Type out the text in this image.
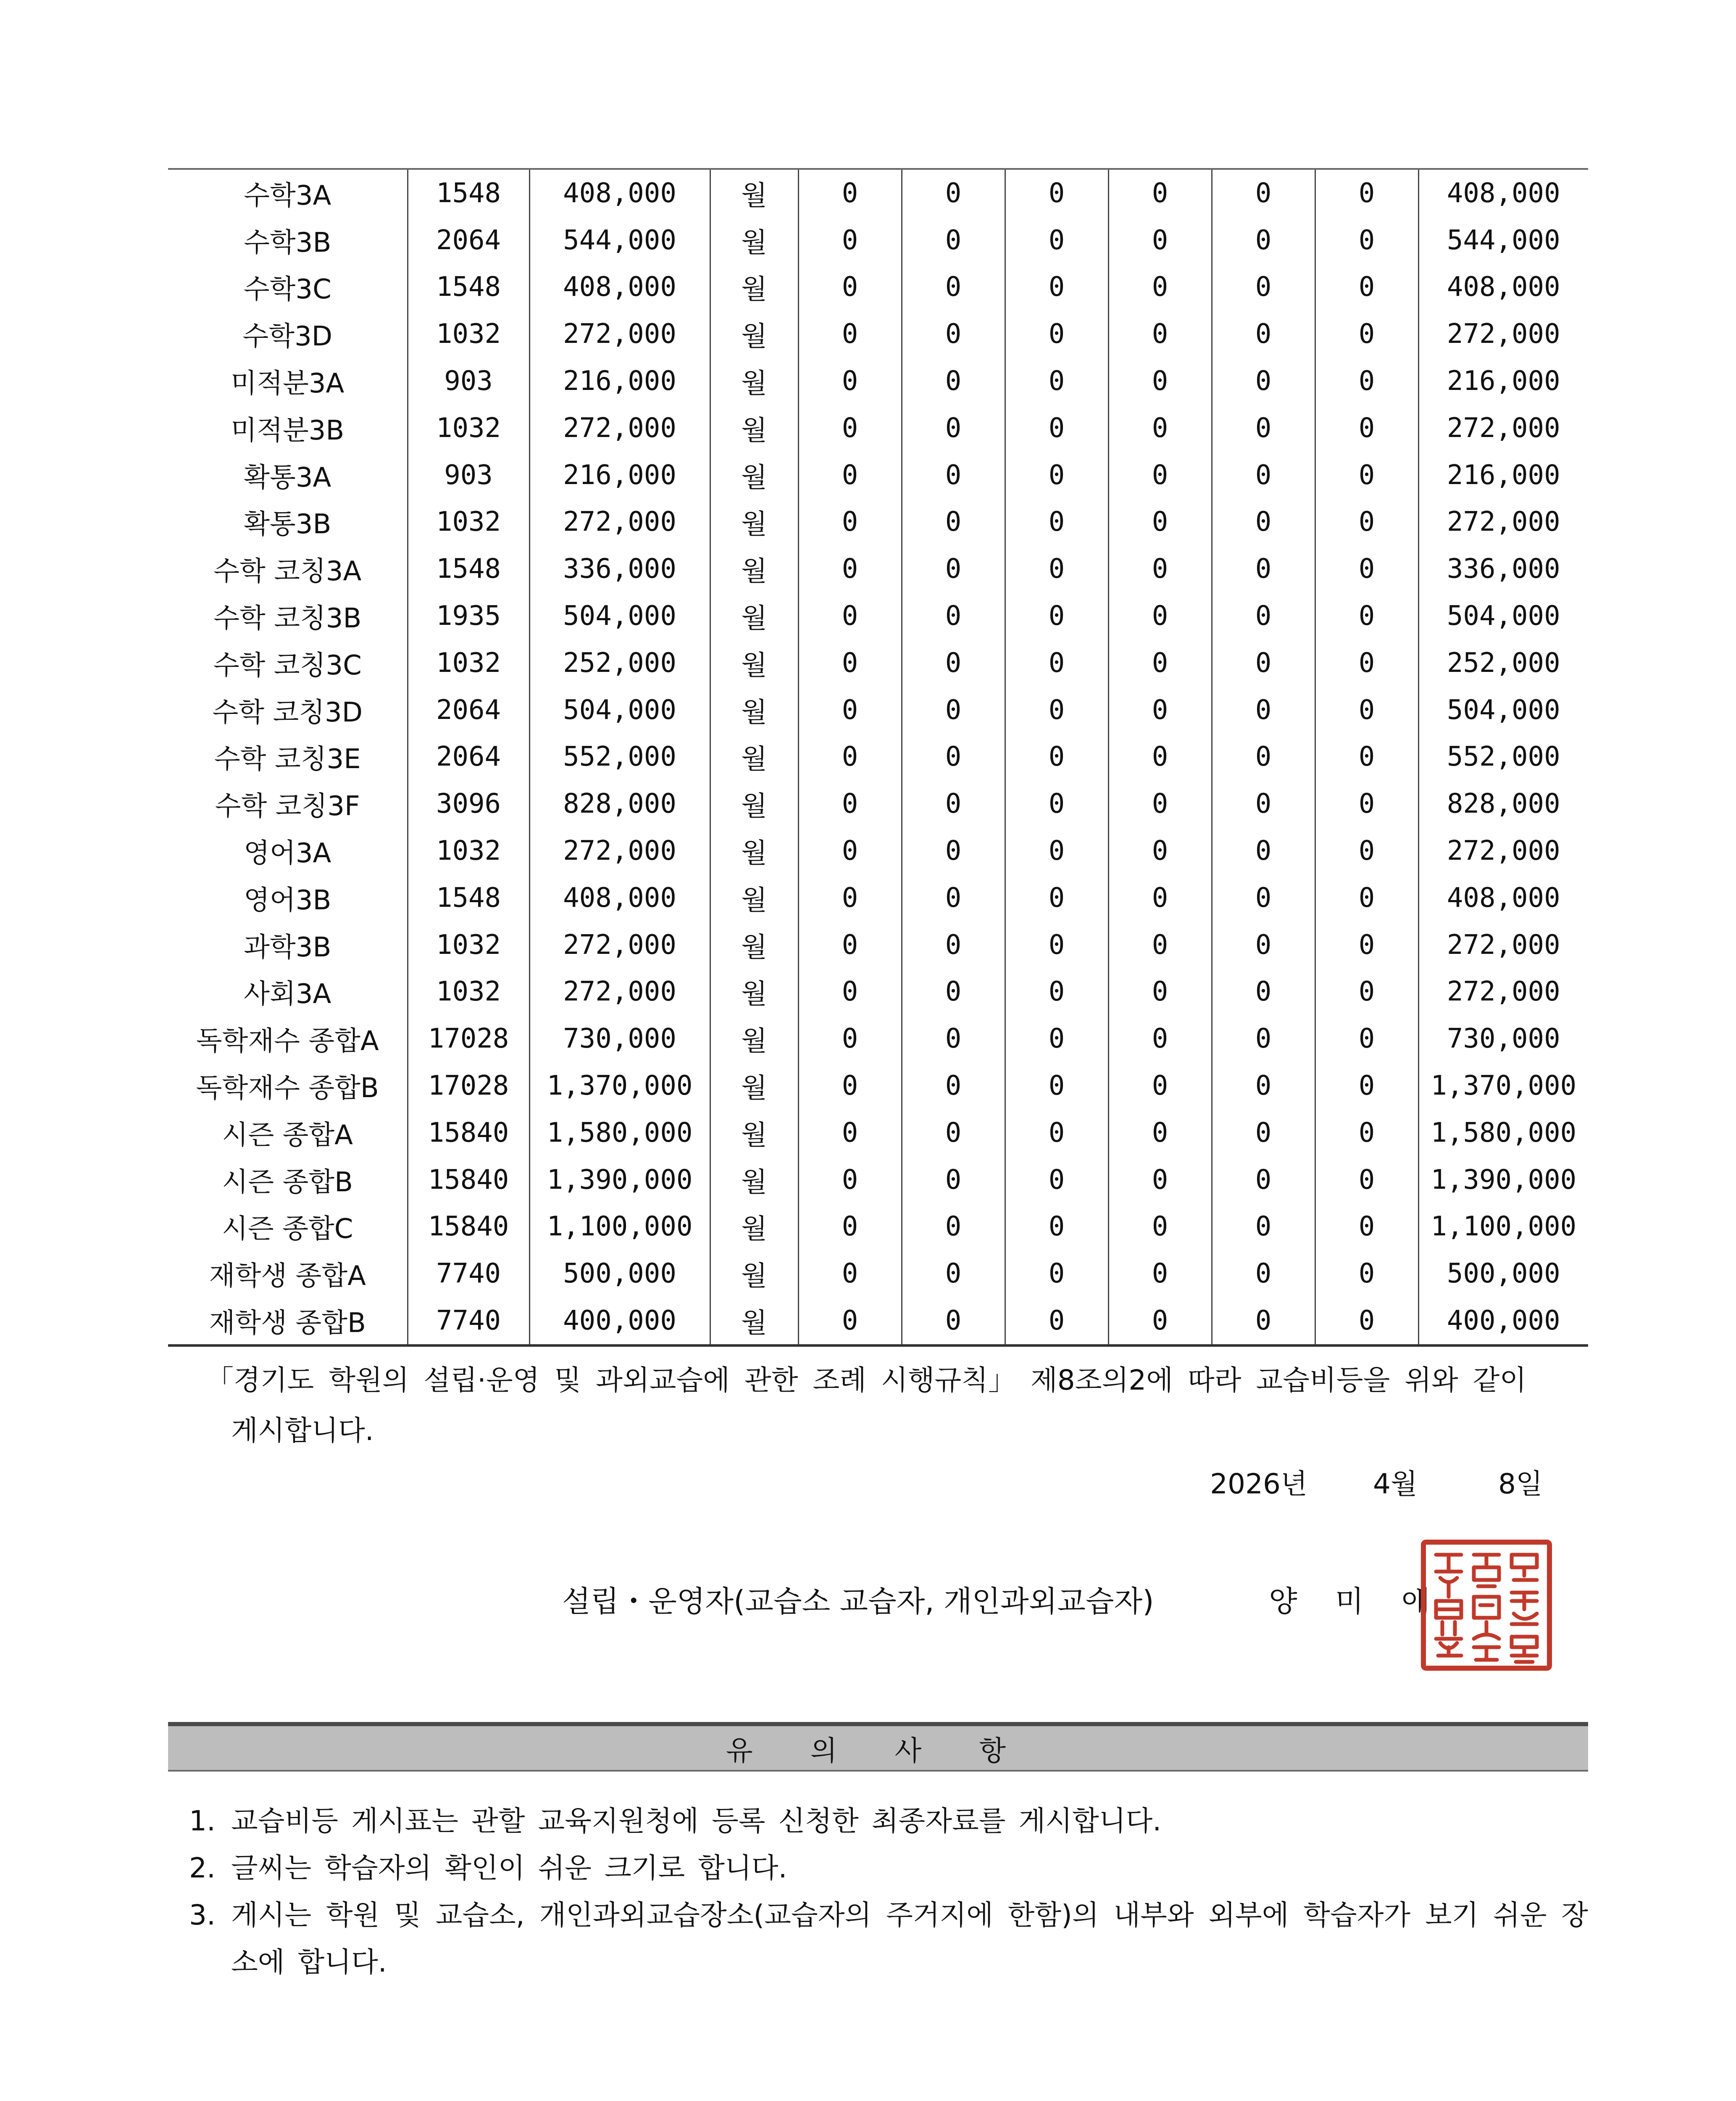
수학3A	1548	408,000	월	0	0	0	0	0	0	408,000
수학3B	2064	544,000	월	0	0	0	0	0	0	544,000
수학3C	1548	408,000	월	0	0	0	0	0	0	408,000
수학3D	1032	272,000	월	0	0	0	0	0	0	272,000
미적분3A	903	216,000	월	0	0	0	0	0	0	216,000
미적분3B	1032	272,000	월	0	0	0	0	0	0	272,000
확통3A	903	216,000	월	0	0	0	0	0	0	216,000
확통3B	1032	272,000	월	0	0	0	0	0	0	272,000
수학 코칭3A	1548	336,000	월	0	0	0	0	0	0	336,000
수학 코칭3B	1935	504,000	월	0	0	0	0	0	0	504,000
수학 코칭3C	1032	252,000	월	0	0	0	0	0	0	252,000
수학 코칭3D	2064	504,000	월	0	0	0	0	0	0	504,000
수학 코칭3E	2064	552,000	월	0	0	0	0	0	0	552,000
수학 코칭3F	3096	828,000	월	0	0	0	0	0	0	828,000
영어3A	1032	272,000	월	0	0	0	0	0	0	272,000
영어3B	1548	408,000	월	0	0	0	0	0	0	408,000
과학3B	1032	272,000	월	0	0	0	0	0	0	272,000
사회3A	1032	272,000	월	0	0	0	0	0	0	272,000
독학재수 종합A	17028	730,000	월	0	0	0	0	0	0	730,000
독학재수 종합B	17028	1,370,000	월	0	0	0	0	0	0	1,370,000
시즌 종합A	15840	1,580,000	월	0	0	0	0	0	0	1,580,000
시즌 종합B	15840	1,390,000	월	0	0	0	0	0	0	1,390,000
시즌 종합C	15840	1,100,000	월	0	0	0	0	0	0	1,100,000
재학생 종합A	7740	500,000	월	0	0	0	0	0	0	500,000
재학생 종합B	7740	400,000	월	0	0	0	0	0	0	400,000
「경기도 학원의 설립·운영 및 과외교습에 관한 조례 시행규칙」 제8조의2에 따라 교습비등을 위와 같이
게시합니다.
2026년 4월	8일
설립・운영자(교습소 교습자, 개인과외교습자)	양 미 애
유 의 사 항
1. 교습비등 게시표는 관할 교육지원청에 등록 신청한 최종자료를 게시합니다.
2. 글씨는 학습자의 확인이 쉬운 크기로 합니다.
3. 게시는 학원 및 교습소, 개인과외교습장소(교습자의 주거지에 한함)의 내부와 외부에 학습자가 보기 쉬운 장소에 합니다.
